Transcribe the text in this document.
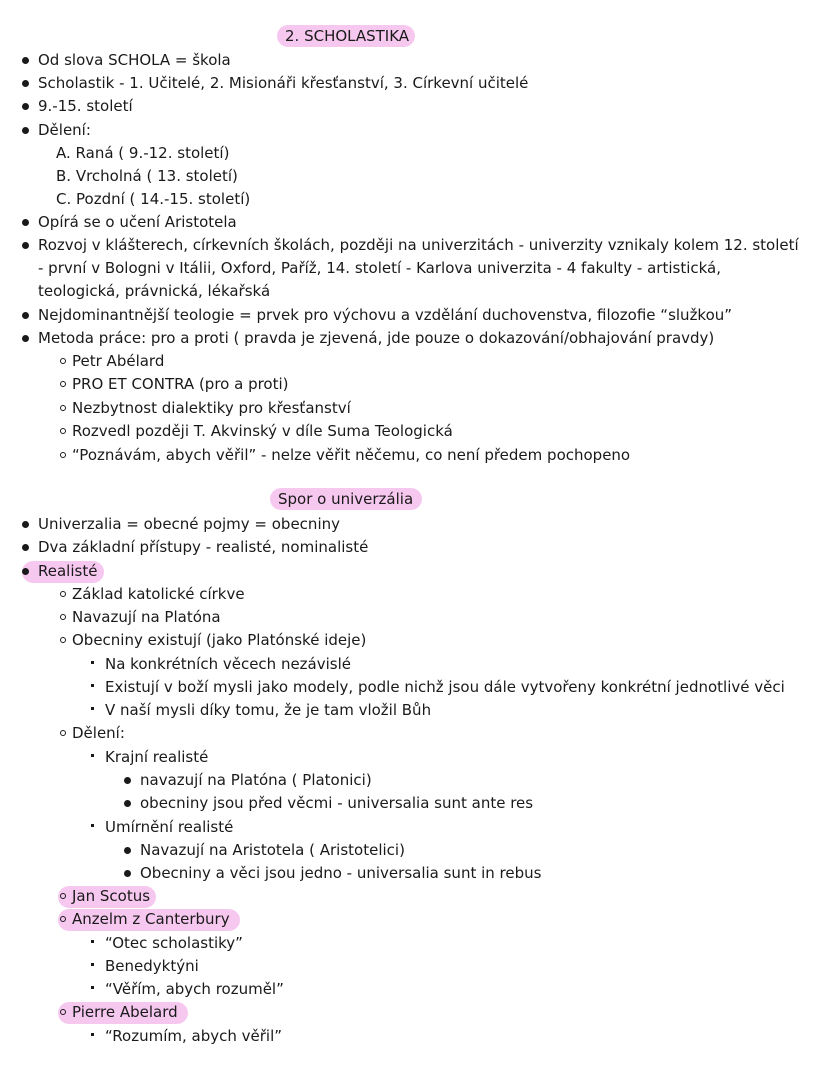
2. SCHOLASTIKA
Od slova SCHOLA = škola
Scholastik - 1. Učitelé, 2. Misionáři křesťanství, 3. Církevní učitelé
9.-15. století
Dělení:
A. Raná ( 9.-12. století)
B. Vrcholná ( 13. století)
C. Pozdní ( 14.-15. století)
Opírá se o učení Aristotela
Rozvoj v klášterech, církevních školách, později na univerzitách - univerzity vznikaly kolem 12. století
- první v Bologni v Itálii, Oxford, Paříž, 14. století - Karlova univerzita - 4 fakulty - artistická,
teologická, právnická, lékařská
Nejdominantnější teologie = prvek pro výchovu a vzdělání duchovenstva, filozofie “služkou”
Metoda práce: pro a proti ( pravda je zjevená, jde pouze o dokazování/obhajování pravdy)
Petr Abélard
PRO ET CONTRA (pro a proti)
Nezbytnost dialektiky pro křesťanství
Rozvedl později T. Akvinský v díle Suma Teologická
“Poznávám, abych věřil” - nelze věřit něčemu, co není předem pochopeno
Spor o univerzália
Univerzalia = obecné pojmy = obecniny
Dva základní přístupy - realisté, nominalisté
Realisté
Základ katolické církve
Navazují na Platóna
Obecniny existují (jako Platónské ideje)
Na konkrétních věcech nezávislé
Existují v boží mysli jako modely, podle nichž jsou dále vytvořeny konkrétní jednotlivé věci
V naší mysli díky tomu, že je tam vložil Bůh
Dělení:
Krajní realisté
navazují na Platóna ( Platonici)
obecniny jsou před věcmi - universalia sunt ante res
Umírnění realisté
Navazují na Aristotela ( Aristotelici)
Obecniny a věci jsou jedno - universalia sunt in rebus
Jan Scotus
Anzelm z Canterbury
“Otec scholastiky”
Benedyktýni
“Věřím, abych rozuměl”
Pierre Abelard
“Rozumím, abych věřil”
